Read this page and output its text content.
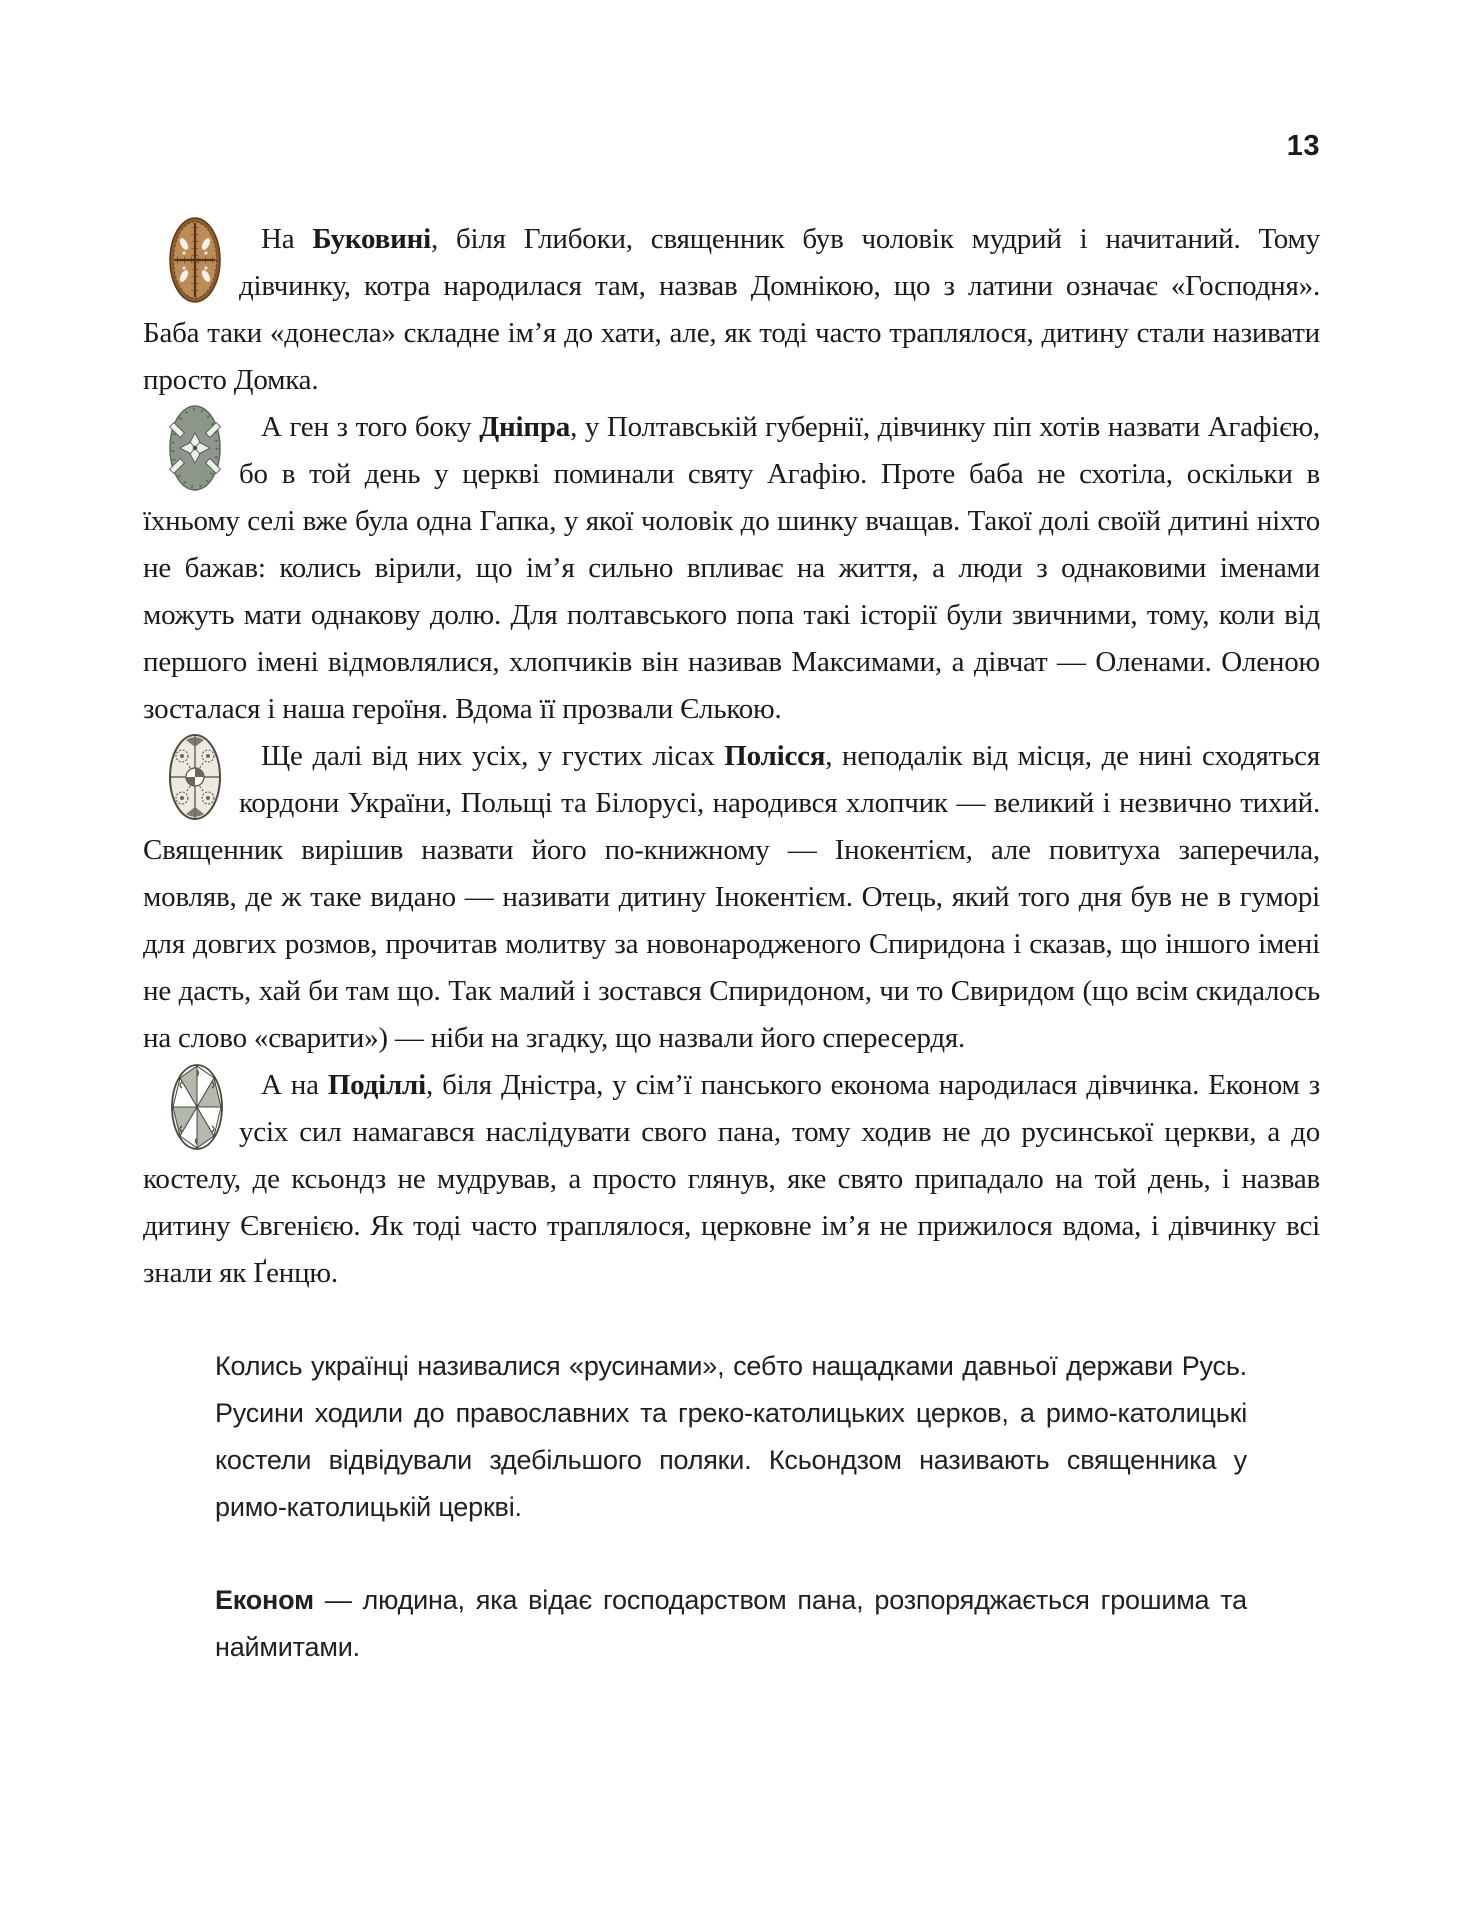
13

На Буковині, біля Глибоки, священник був чоловік мудрий і начитаний. Тому дівчинку, котра народилася там, назвав Домнікою, що з латини означає «Господня». Баба таки «донесла» складне ім’я до хати, але, як тоді часто траплялося, дитину стали називати просто Домка.

А ген з того боку Дніпра, у Полтавській губернії, дівчинку піп хотів назвати Агафією, бо в той день у церкві поминали святу Агафію. Проте баба не схотіла, оскільки в їхньому селі вже була одна Гапка, у якої чоловік до шинку вчащав. Такої долі своїй дитині ніхто не бажав: колись вірили, що ім’я сильно впливає на життя, а люди з однаковими іменами можуть мати однакову долю. Для полтавського попа такі історії були звичними, тому, коли від першого імені відмовлялися, хлопчиків він називав Максимами, а дівчат — Оленами. Оленою зосталася і наша героїня. Вдома її прозвали Єлькою.

Ще далі від них усіх, у густих лісах Полісся, неподалік від місця, де нині сходяться кордони України, Польщі та Білорусі, народився хлопчик — великий і незвично тихий. Священник вирішив назвати його по-книжному — Інокентієм, але повитуха заперечила, мовляв, де ж таке видано — називати дитину Інокентієм. Отець, який того дня був не в гуморі для довгих розмов, прочитав молитву за новонародженого Спиридона і сказав, що іншого імені не дасть, хай би там що. Так малий і зостався Спиридоном, чи то Свиридом (що всім скидалось на слово «сварити») — ніби на згадку, що назвали його спересердя.

А на Поділлі, біля Дністра, у сім’ї панського економа народилася дівчинка. Економ з усіх сил намагався наслідувати свого пана, тому ходив не до русинської церкви, а до костелу, де ксьондз не мудрував, а просто глянув, яке свято припадало на той день, і назвав дитину Євгенією. Як тоді часто траплялося, церковне ім’я не прижилося вдома, і дівчинку всі знали як Ґенцю.

Колись українці називалися «русинами», себто нащадками давньої держави Русь. Русини ходили до православних та греко-католицьких церков, а римо-католицькі костели відвідували здебільшого поляки. Ксьондзом називають священника у римо-католицькій церкві.
Економ — людина, яка відає господарством пана, розпоряджається грошима та наймитами.
